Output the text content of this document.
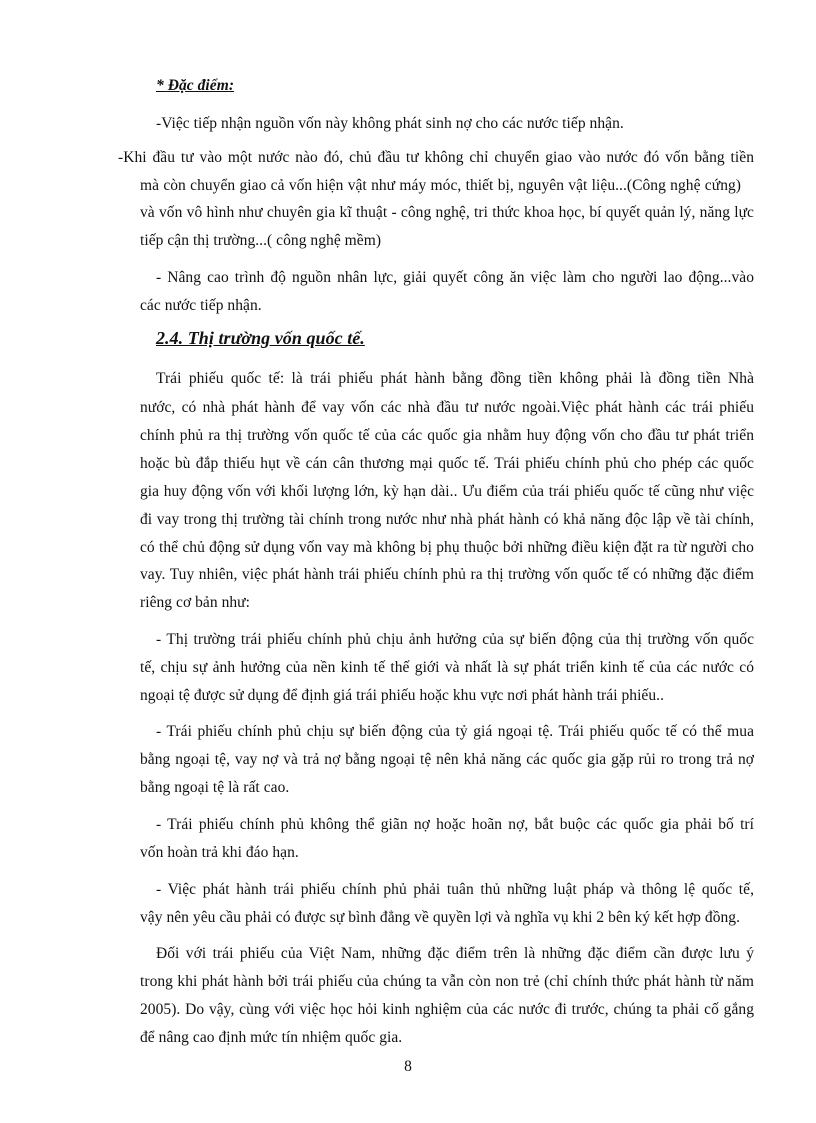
* Đặc điểm:
-Việc tiếp nhận nguồn vốn này không phát sinh nợ cho các nước tiếp nhận.
-Khi đầu tư vào một nước nào đó, chủ đầu tư không chỉ chuyển giao vào nước đó vốn bằng tiền
mà còn chuyển giao cả vốn hiện vật như máy móc, thiết bị, nguyên vật liệu...(Công nghệ cứng)
và vốn vô hình như chuyên gia kĩ thuật - công nghệ, tri thức khoa học, bí quyết quản lý, năng lực
tiếp cận thị trường...( công nghệ mềm)
- Nâng cao trình độ nguồn nhân lực, giải quyết công ăn việc làm cho người lao động...vào
các nước tiếp nhận.
2.4. Thị trường vốn quốc tế.
Trái phiếu quốc tế: là trái phiếu phát hành bằng đồng tiền không phải là đồng tiền Nhà
nước, có nhà phát hành để vay vốn các nhà đầu tư nước ngoài.Việc phát hành các trái phiếu
chính phủ ra thị trường vốn quốc tế của các quốc gia nhằm huy động vốn cho đầu tư phát triển
hoặc bù đắp thiếu hụt về cán cân thương mại quốc tế. Trái phiếu chính phủ cho phép các quốc
gia huy động vốn với khối lượng lớn, kỳ hạn dài.. Ưu điểm của trái phiếu quốc tế cũng như việc
đi vay trong thị trường tài chính trong nước như nhà phát hành có khả năng độc lập về tài chính,
có thể chủ động sử dụng vốn vay mà không bị phụ thuộc bởi những điều kiện đặt ra từ người cho
vay. Tuy nhiên, việc phát hành trái phiếu chính phủ ra thị trường vốn quốc tế có những đặc điểm
riêng cơ bản như:
- Thị trường trái phiếu chính phủ chịu ảnh hưởng của sự biến động của thị trường vốn quốc
tế, chịu sự ảnh hưởng của nền kinh tế thế giới và nhất là sự phát triển kinh tế của các nước có
ngoại tệ được sử dụng để định giá trái phiếu hoặc khu vực nơi phát hành trái phiếu..
- Trái phiếu chính phủ chịu sự biến động của tỷ giá ngoại tệ. Trái phiếu quốc tế có thể mua
bằng ngoại tệ, vay nợ và trả nợ bằng ngoại tệ nên khả năng các quốc gia gặp rủi ro trong trả nợ
bằng ngoại tệ là rất cao.
- Trái phiếu chính phủ không thể giãn nợ hoặc hoãn nợ, bắt buộc các quốc gia phải bố trí
vốn hoàn trả khi đáo hạn.
- Việc phát hành trái phiếu chính phủ phải tuân thủ những luật pháp và thông lệ quốc tế,
vậy nên yêu cầu phải có được sự bình đẳng về quyền lợi và nghĩa vụ khi 2 bên ký kết hợp đồng.
Đối với trái phiếu của Việt Nam, những đặc điểm trên là những đặc điểm cần được lưu ý
trong khi phát hành bởi trái phiếu của chúng ta vẫn còn non trẻ (chỉ chính thức phát hành từ năm
2005). Do vậy, cùng với việc học hỏi kinh nghiệm của các nước đi trước, chúng ta phải cố gắng
để nâng cao định mức tín nhiệm quốc gia.
8
